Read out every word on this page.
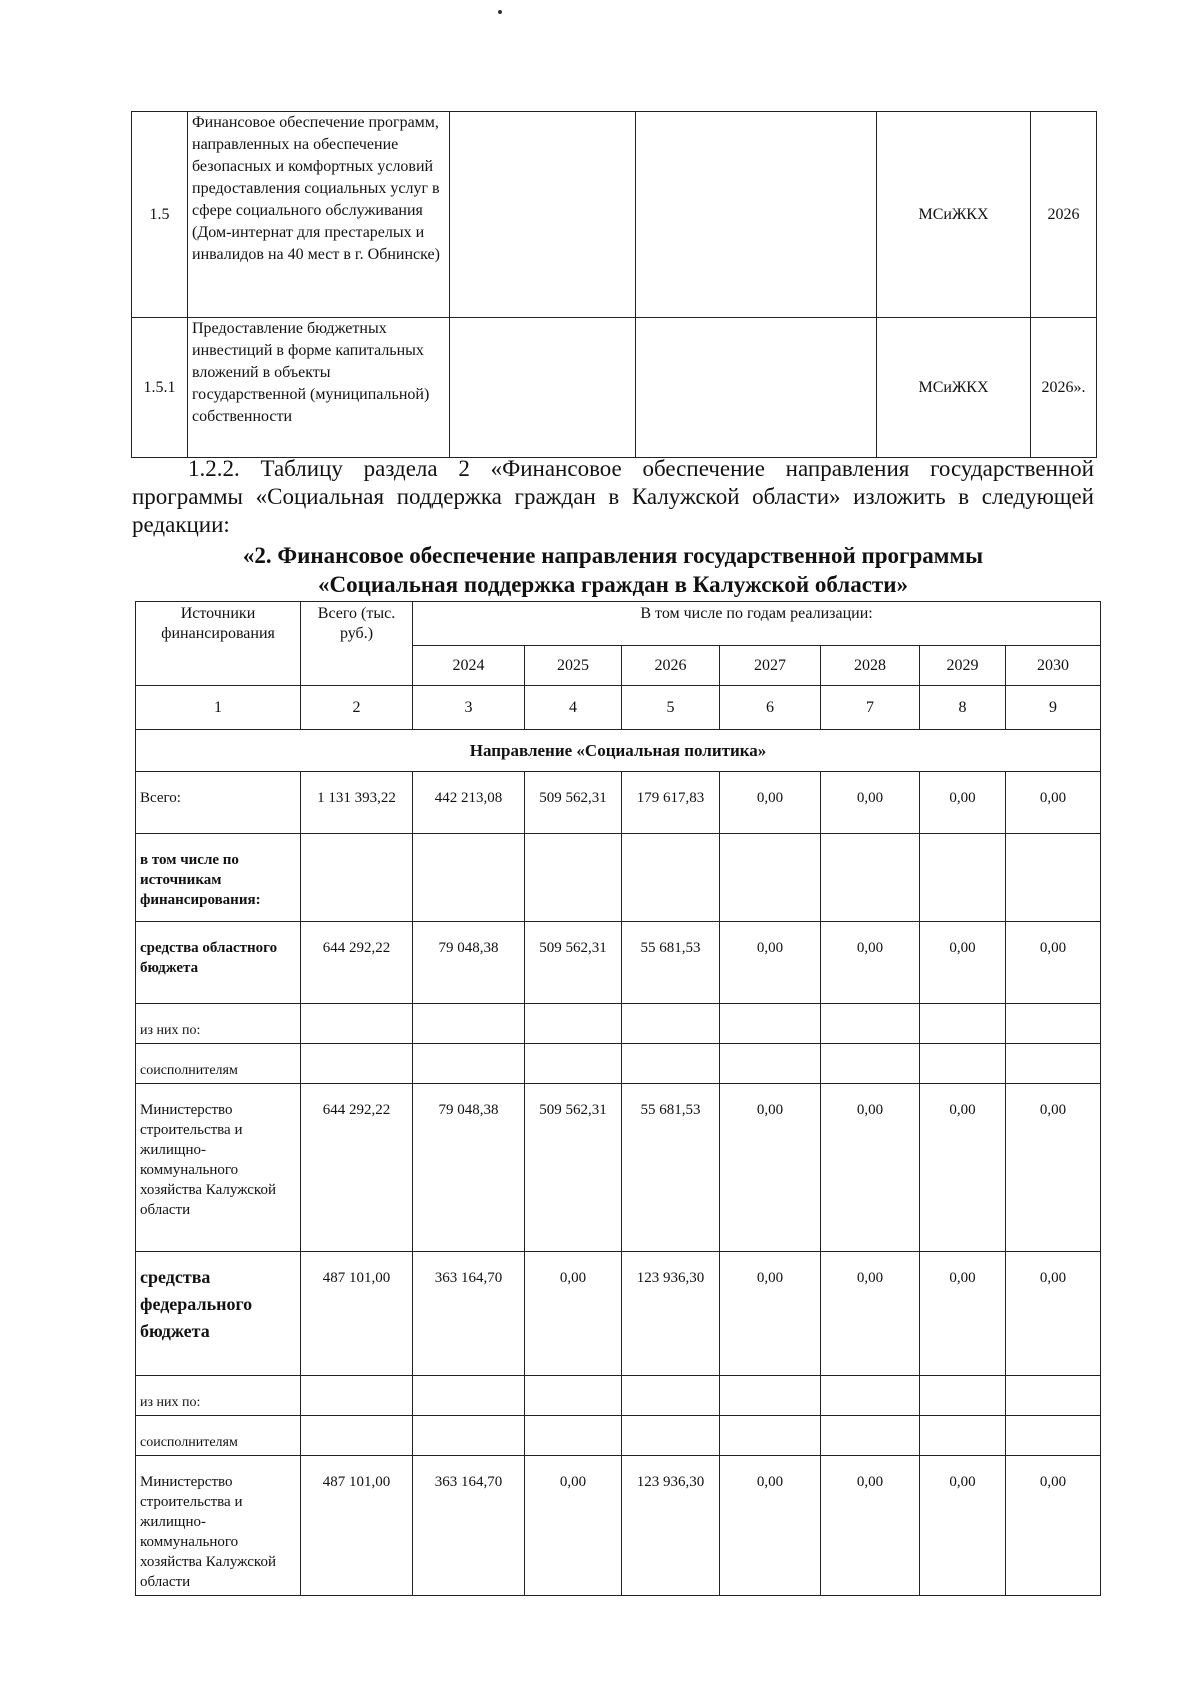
1.5	Финансовое обеспечение программ, направленных на обеспечение безопасных и комфортных условий предоставления социальных услуг в сфере социального обслуживания (Дом-интернат для престарелых и инвалидов на 40 мест в г. Обнинске)			МСиЖКХ	2026
1.5.1	Предоставление бюджетных инвестиций в форме капитальных вложений в объекты государственной (муниципальной) собственности			МСиЖКХ	2026».
1.2.2. Таблицу раздела 2 «Финансовое обеспечение направления государственной программы «Социальная поддержка граждан в Калужской области» изложить в следующей редакции:
«2. Финансовое обеспечение направления государственной программы
«Социальная поддержка граждан в Калужской области»
Источники финансирования	Всего (тыс. руб.)	В том числе по годам реализации:						
		2024	2025	2026	2027	2028	2029	2030
1	2	3	4	5	6	7	8	9
Направление «Социальная политика»								
Всего:	1 131 393,22	442 213,08	509 562,31	179 617,83	0,00	0,00	0,00	0,00
в том числе по источникам финансирования:								
средства областного бюджета	644 292,22	79 048,38	509 562,31	55 681,53	0,00	0,00	0,00	0,00
из них по:								
соисполнителям								
Министерство строительства и жилищно-коммунального хозяйства Калужской области	644 292,22	79 048,38	509 562,31	55 681,53	0,00	0,00	0,00	0,00
средства федерального бюджета	487 101,00	363 164,70	0,00	123 936,30	0,00	0,00	0,00	0,00
из них по:								
соисполнителям								
Министерство строительства и жилищно-коммунального хозяйства Калужской области	487 101,00	363 164,70	0,00	123 936,30	0,00	0,00	0,00	0,00
